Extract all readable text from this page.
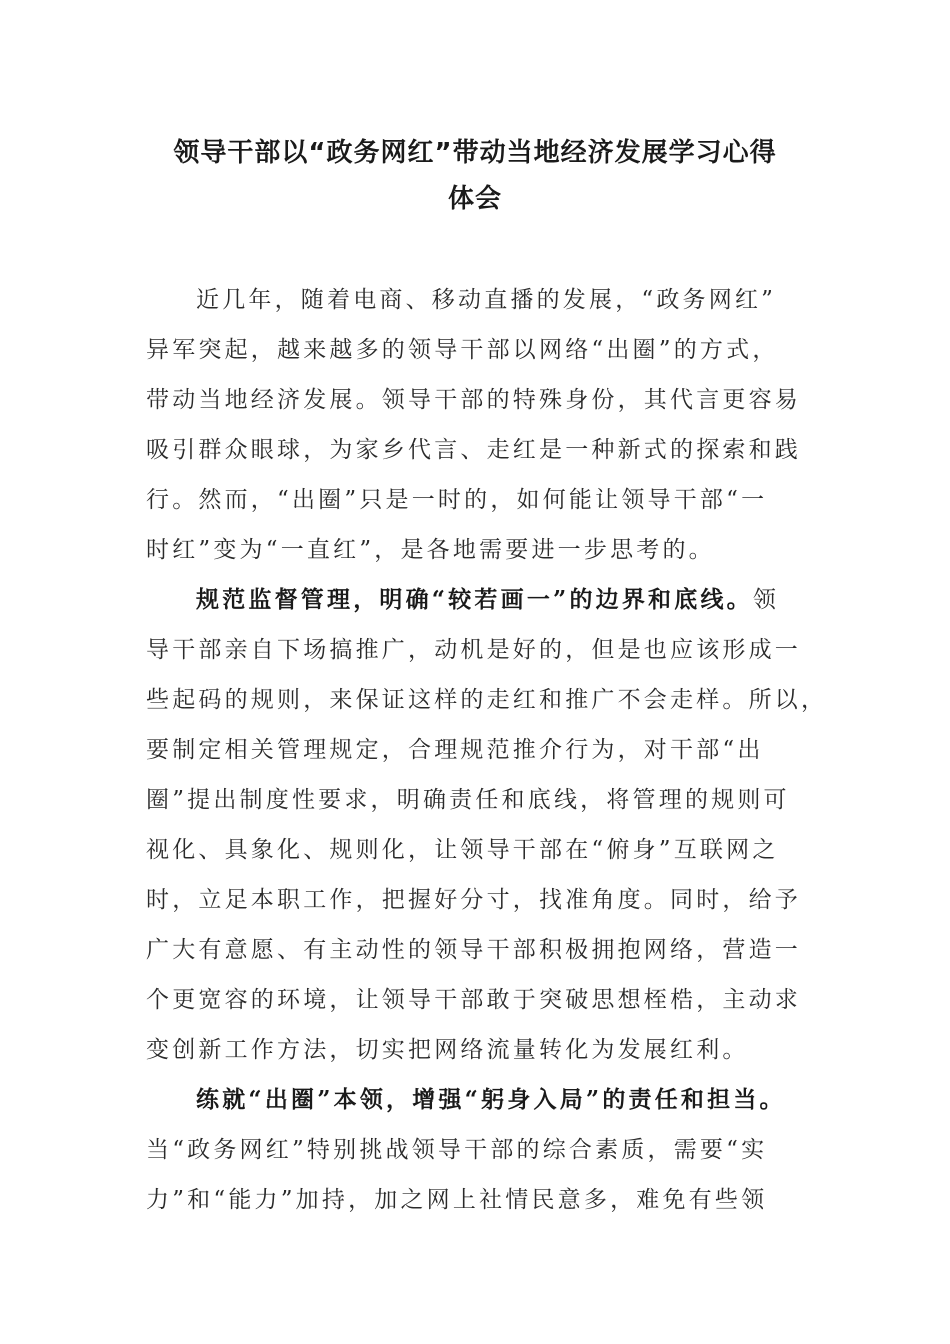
领导干部以“政务网红”带动当地经济发展学习心得
体会
近几年，随着电商、移动直播的发展，“政务网红”
异军突起，越来越多的领导干部以网络“出圈”的方式，
带动当地经济发展。领导干部的特殊身份，其代言更容易
吸引群众眼球，为家乡代言、走红是一种新式的探索和践
行。然而，“出圈”只是一时的，如何能让领导干部“一
时红”变为“一直红”，是各地需要进一步思考的。
规范监督管理，明确“较若画一”的边界和底线。领
导干部亲自下场搞推广，动机是好的，但是也应该形成一
些起码的规则，来保证这样的走红和推广不会走样。所以，
要制定相关管理规定，合理规范推介行为，对干部“出
圈”提出制度性要求，明确责任和底线，将管理的规则可
视化、具象化、规则化，让领导干部在“俯身”互联网之
时，立足本职工作，把握好分寸，找准角度。同时，给予
广大有意愿、有主动性的领导干部积极拥抱网络，营造一
个更宽容的环境，让领导干部敢于突破思想桎梏，主动求
变创新工作方法，切实把网络流量转化为发展红利。
练就“出圈”本领，增强“躬身入局”的责任和担当。
当“政务网红”特别挑战领导干部的综合素质，需要“实
力”和“能力”加持，加之网上社情民意多，难免有些领
